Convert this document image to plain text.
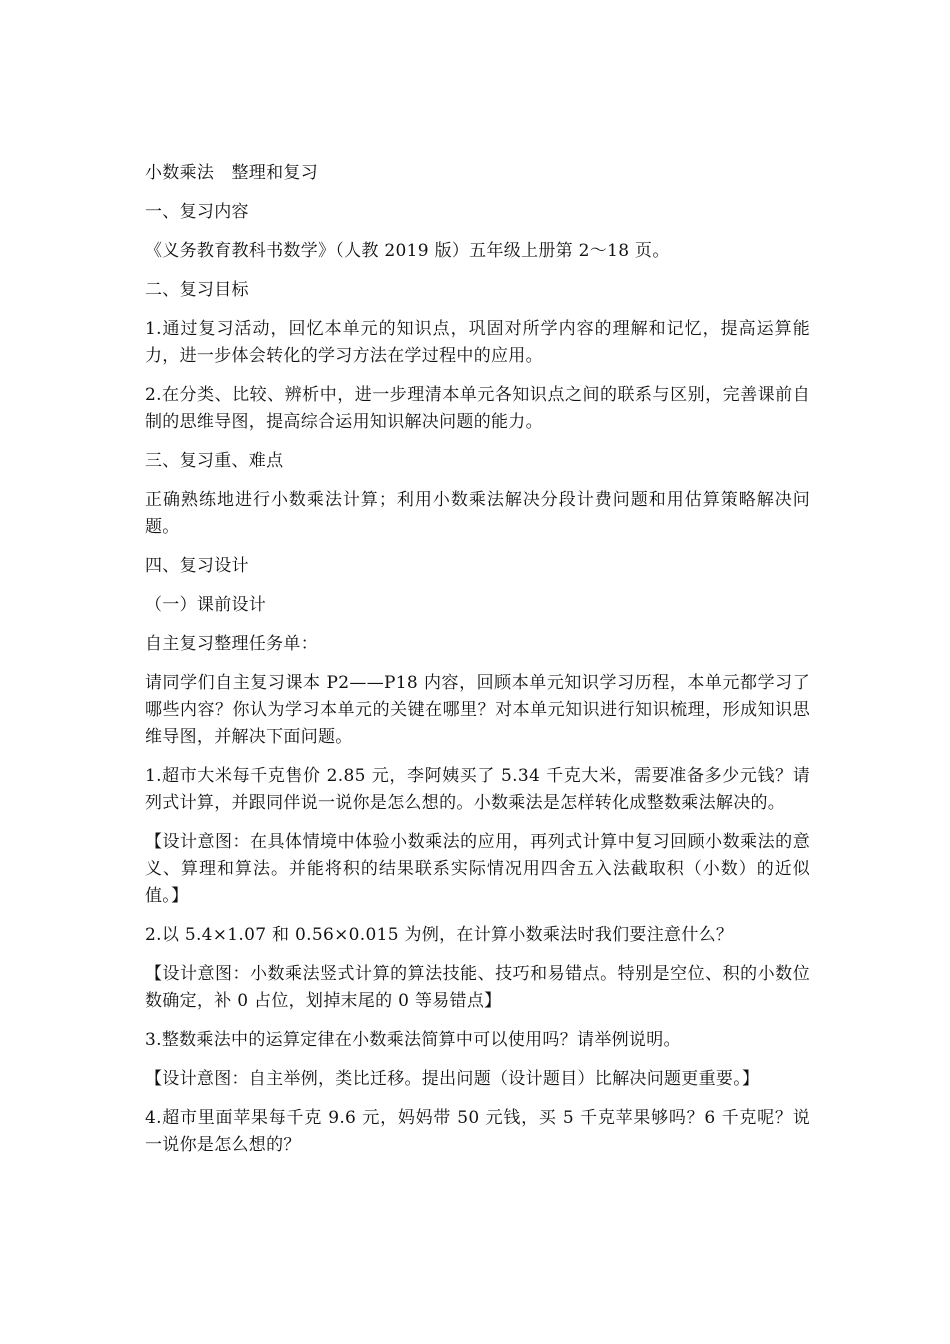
小数乘法　整理和复习

一、复习内容

《义务教育教科书数学》（人教 2019 版）五年级上册第 2～18 页。

二、复习目标

1.通过复习活动，回忆本单元的知识点，巩固对所学内容的理解和记忆，提高运算能力，进一步体会转化的学习方法在学过程中的应用。

2.在分类、比较、辨析中，进一步理清本单元各知识点之间的联系与区别，完善课前自制的思维导图，提高综合运用知识解决问题的能力。

三、复习重、难点

正确熟练地进行小数乘法计算；利用小数乘法解决分段计费问题和用估算策略解决问题。

四、复习设计

（一）课前设计

自主复习整理任务单：

请同学们自主复习课本 P2——P18 内容，回顾本单元知识学习历程，本单元都学习了哪些内容？你认为学习本单元的关键在哪里？对本单元知识进行知识梳理，形成知识思维导图，并解决下面问题。

1.超市大米每千克售价 2.85 元，李阿姨买了 5.34 千克大米，需要准备多少元钱？请列式计算，并跟同伴说一说你是怎么想的。小数乘法是怎样转化成整数乘法解决的。

【设计意图：在具体情境中体验小数乘法的应用，再列式计算中复习回顾小数乘法的意义、算理和算法。并能将积的结果联系实际情况用四舍五入法截取积（小数）的近似值。】

2.以 5.4×1.07 和 0.56×0.015 为例，在计算小数乘法时我们要注意什么？

【设计意图：小数乘法竖式计算的算法技能、技巧和易错点。特别是空位、积的小数位数确定，补 0 占位，划掉末尾的 0 等易错点】

3.整数乘法中的运算定律在小数乘法简算中可以使用吗？请举例说明。

【设计意图：自主举例，类比迁移。提出问题（设计题目）比解决问题更重要。】

4.超市里面苹果每千克 9.6 元，妈妈带 50 元钱，买 5 千克苹果够吗？6 千克呢？说一说你是怎么想的？
